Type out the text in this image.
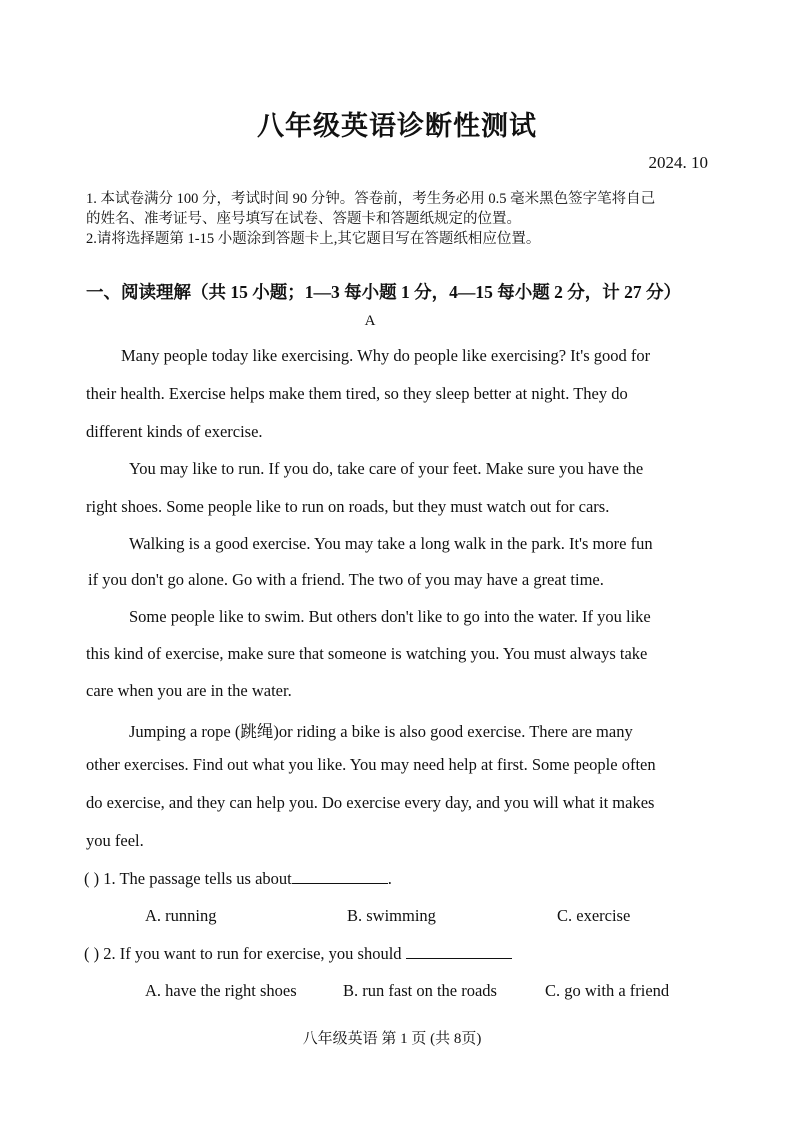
八年级英语诊断性测试
2024. 10
1. 本试卷满分 100 分，考试时间 90 分钟。答卷前，考生务必用 0.5 毫米黑色签字笔将自己
的姓名、准考证号、座号填写在试卷、答题卡和答题纸规定的位置。
2.请将选择题第 1-15 小题涂到答题卡上,其它题目写在答题纸相应位置。
一、阅读理解（共 15 小题；1—3 每小题 1 分，4—15 每小题 2 分，计 27 分）
A
Many people today like exercising. Why do people like exercising? It's good for
their health. Exercise helps make them tired, so they sleep better at night. They do
different kinds of exercise.
You may like to run. If you do, take care of your feet. Make sure you have the
right shoes. Some people like to run on roads, but they must watch out for cars.
Walking is a good exercise. You may take a long walk in the park. It's more fun
if you don't go alone. Go with a friend. The two of you may have a great time.
Some people like to swim. But others don't like to go into the water. If you like
this kind of exercise, make sure that someone is watching you. You must always take
care when you are in the water.
Jumping a rope (跳绳)or riding a bike is also good exercise. There are many
other exercises. Find out what you like. You may need help at first. Some people often
do exercise, and they can help you. Do exercise every day, and you will what it makes
you feel.
( ) 1. The passage tells us about	.
A. running	B. swimming	C. exercise
( ) 2. If you want to run for exercise, you should
A. have the right shoes	B. run fast on the roads	C. go with a friend
八年级英语 第 1 页 (共 8页)
